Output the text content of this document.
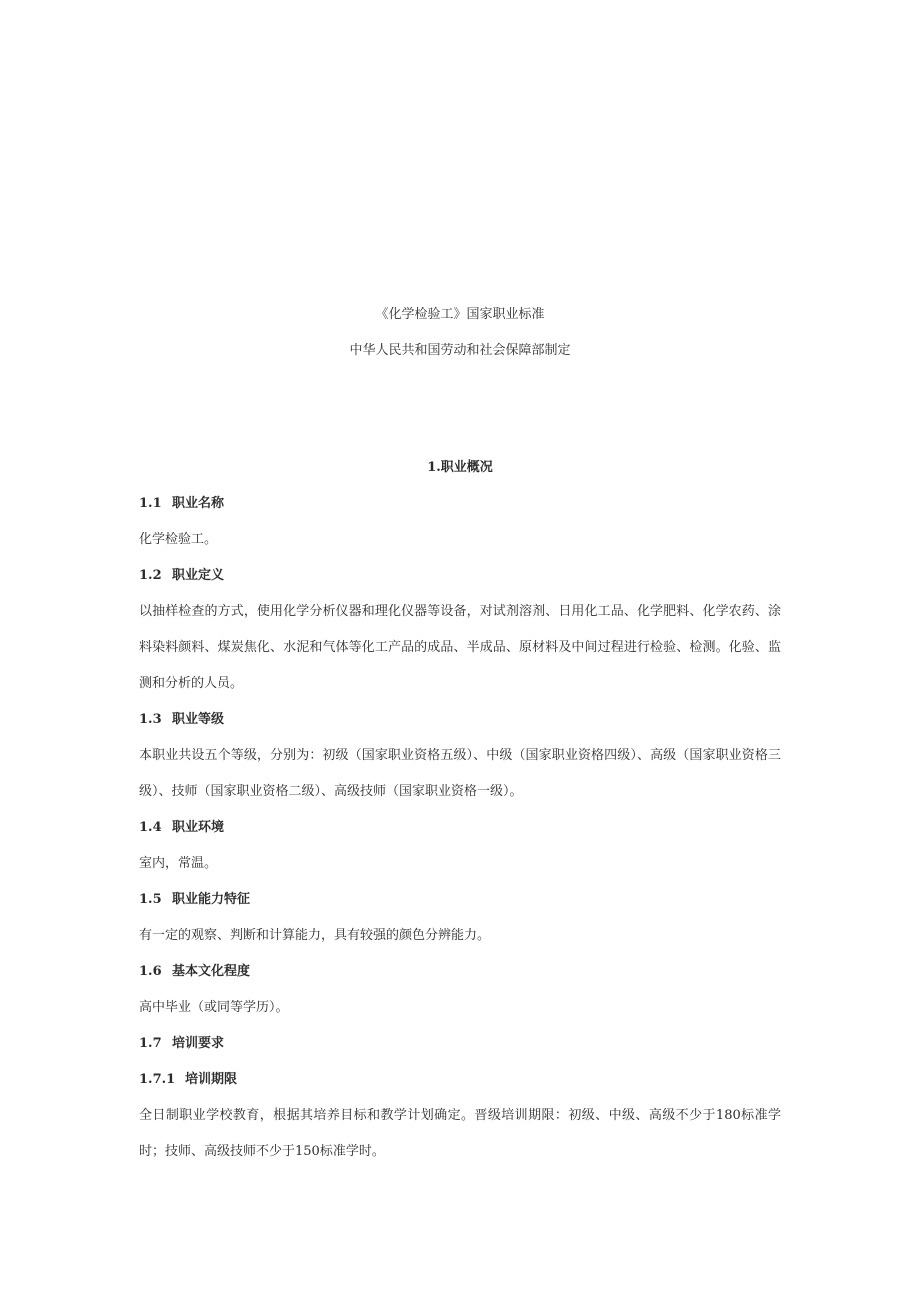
《化学检验工》国家职业标准
中华人民共和国劳动和社会保障部制定

1.职业概况

1.1 职业名称

化学检验工。

1.2 职业定义

以抽样检查的方式，使用化学分析仪器和理化仪器等设备，对试剂溶剂、日用化工品、化学肥料、化学农药、涂料染料颜料、煤炭焦化、水泥和气体等化工产品的成品、半成品、原材料及中间过程进行检验、检测。化验、监测和分析的人员。

1.3 职业等级

本职业共设五个等级，分别为：初级（国家职业资格五级）、中级（国家职业资格四级）、高级（国家职业资格三级）、技师（国家职业资格二级）、高级技师（国家职业资格一级）。

1.4 职业环境

室内，常温。

1.5 职业能力特征

有一定的观察、判断和计算能力，具有较强的颜色分辨能力。

1.6 基本文化程度

高中毕业（或同等学历）。

1.7 培训要求

1.7.1 培训期限

全日制职业学校教育，根据其培养目标和教学计划确定。晋级培训期限：初级、中级、高级不少于180标准学时；技师、高级技师不少于150标准学时。
